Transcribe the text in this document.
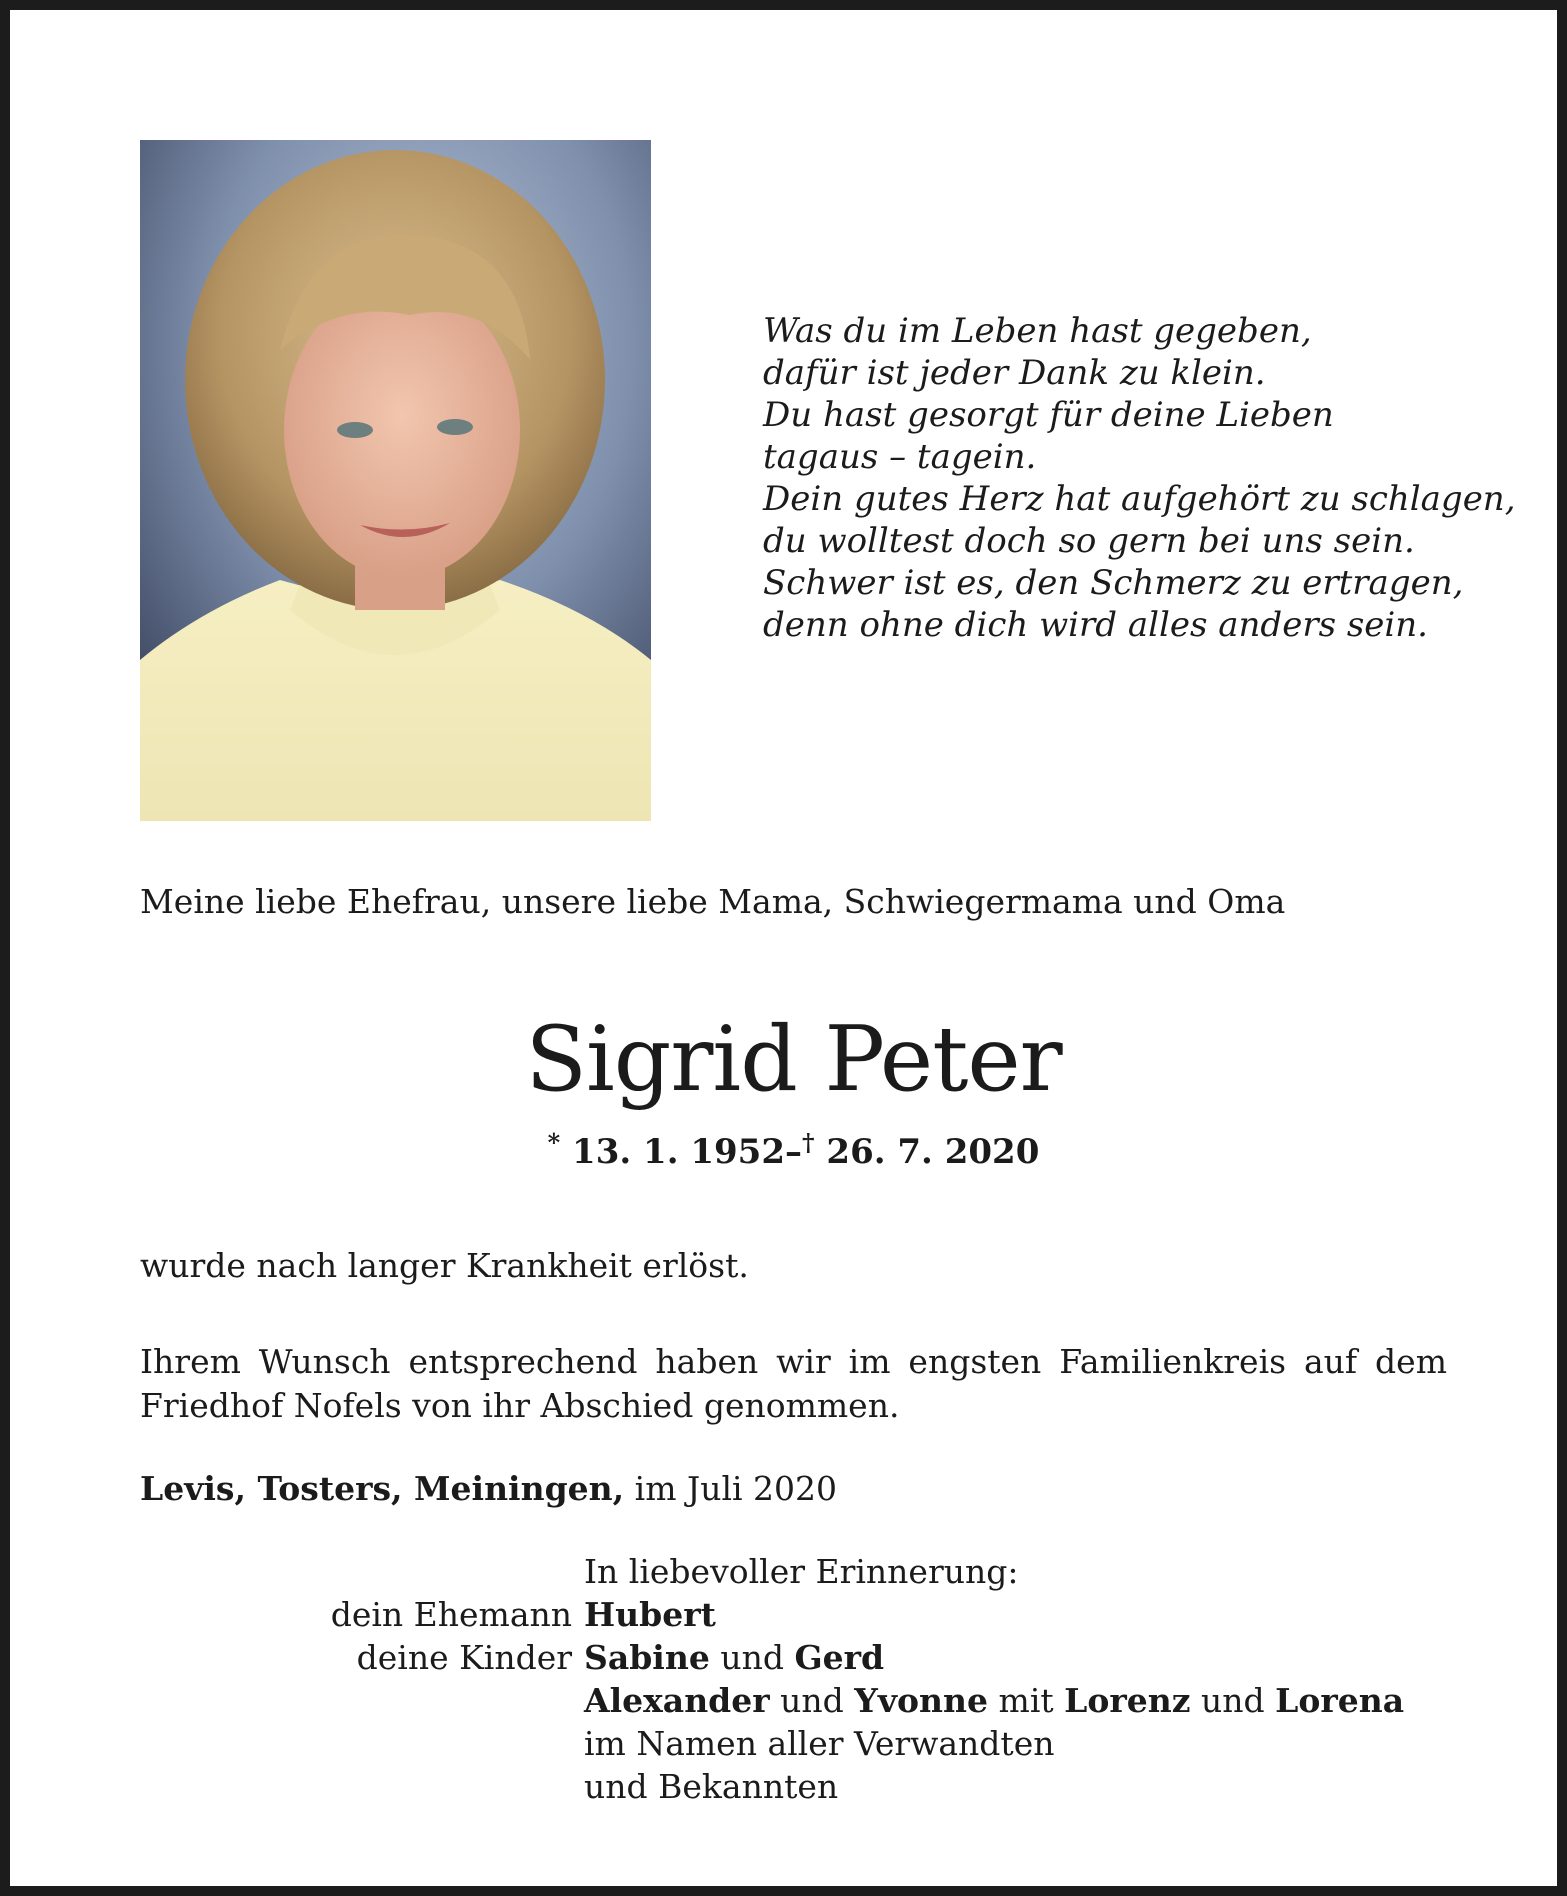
Was du im Leben hast gegeben,
dafür ist jeder Dank zu klein.
Du hast gesorgt für deine Lieben
tagaus – tagein.
Dein gutes Herz hat aufgehört zu schlagen,
du wolltest doch so gern bei uns sein.
Schwer ist es, den Schmerz zu ertragen,
denn ohne dich wird alles anders sein.
Meine liebe Ehefrau, unsere liebe Mama, Schwiegermama und Oma
Sigrid Peter
* 13. 1. 1952–† 26. 7. 2020
wurde nach langer Krankheit erlöst.
Ihrem Wunsch entsprechend haben wir im engsten Familienkreis auf dem
Friedhof Nofels von ihr Abschied genommen.
Levis, Tosters, Meiningen, im Juli 2020
In liebevoller Erinnerung:
dein Ehemann Hubert
deine Kinder Sabine und Gerd
Alexander und Yvonne mit Lorenz und Lorena
im Namen aller Verwandten
und Bekannten
